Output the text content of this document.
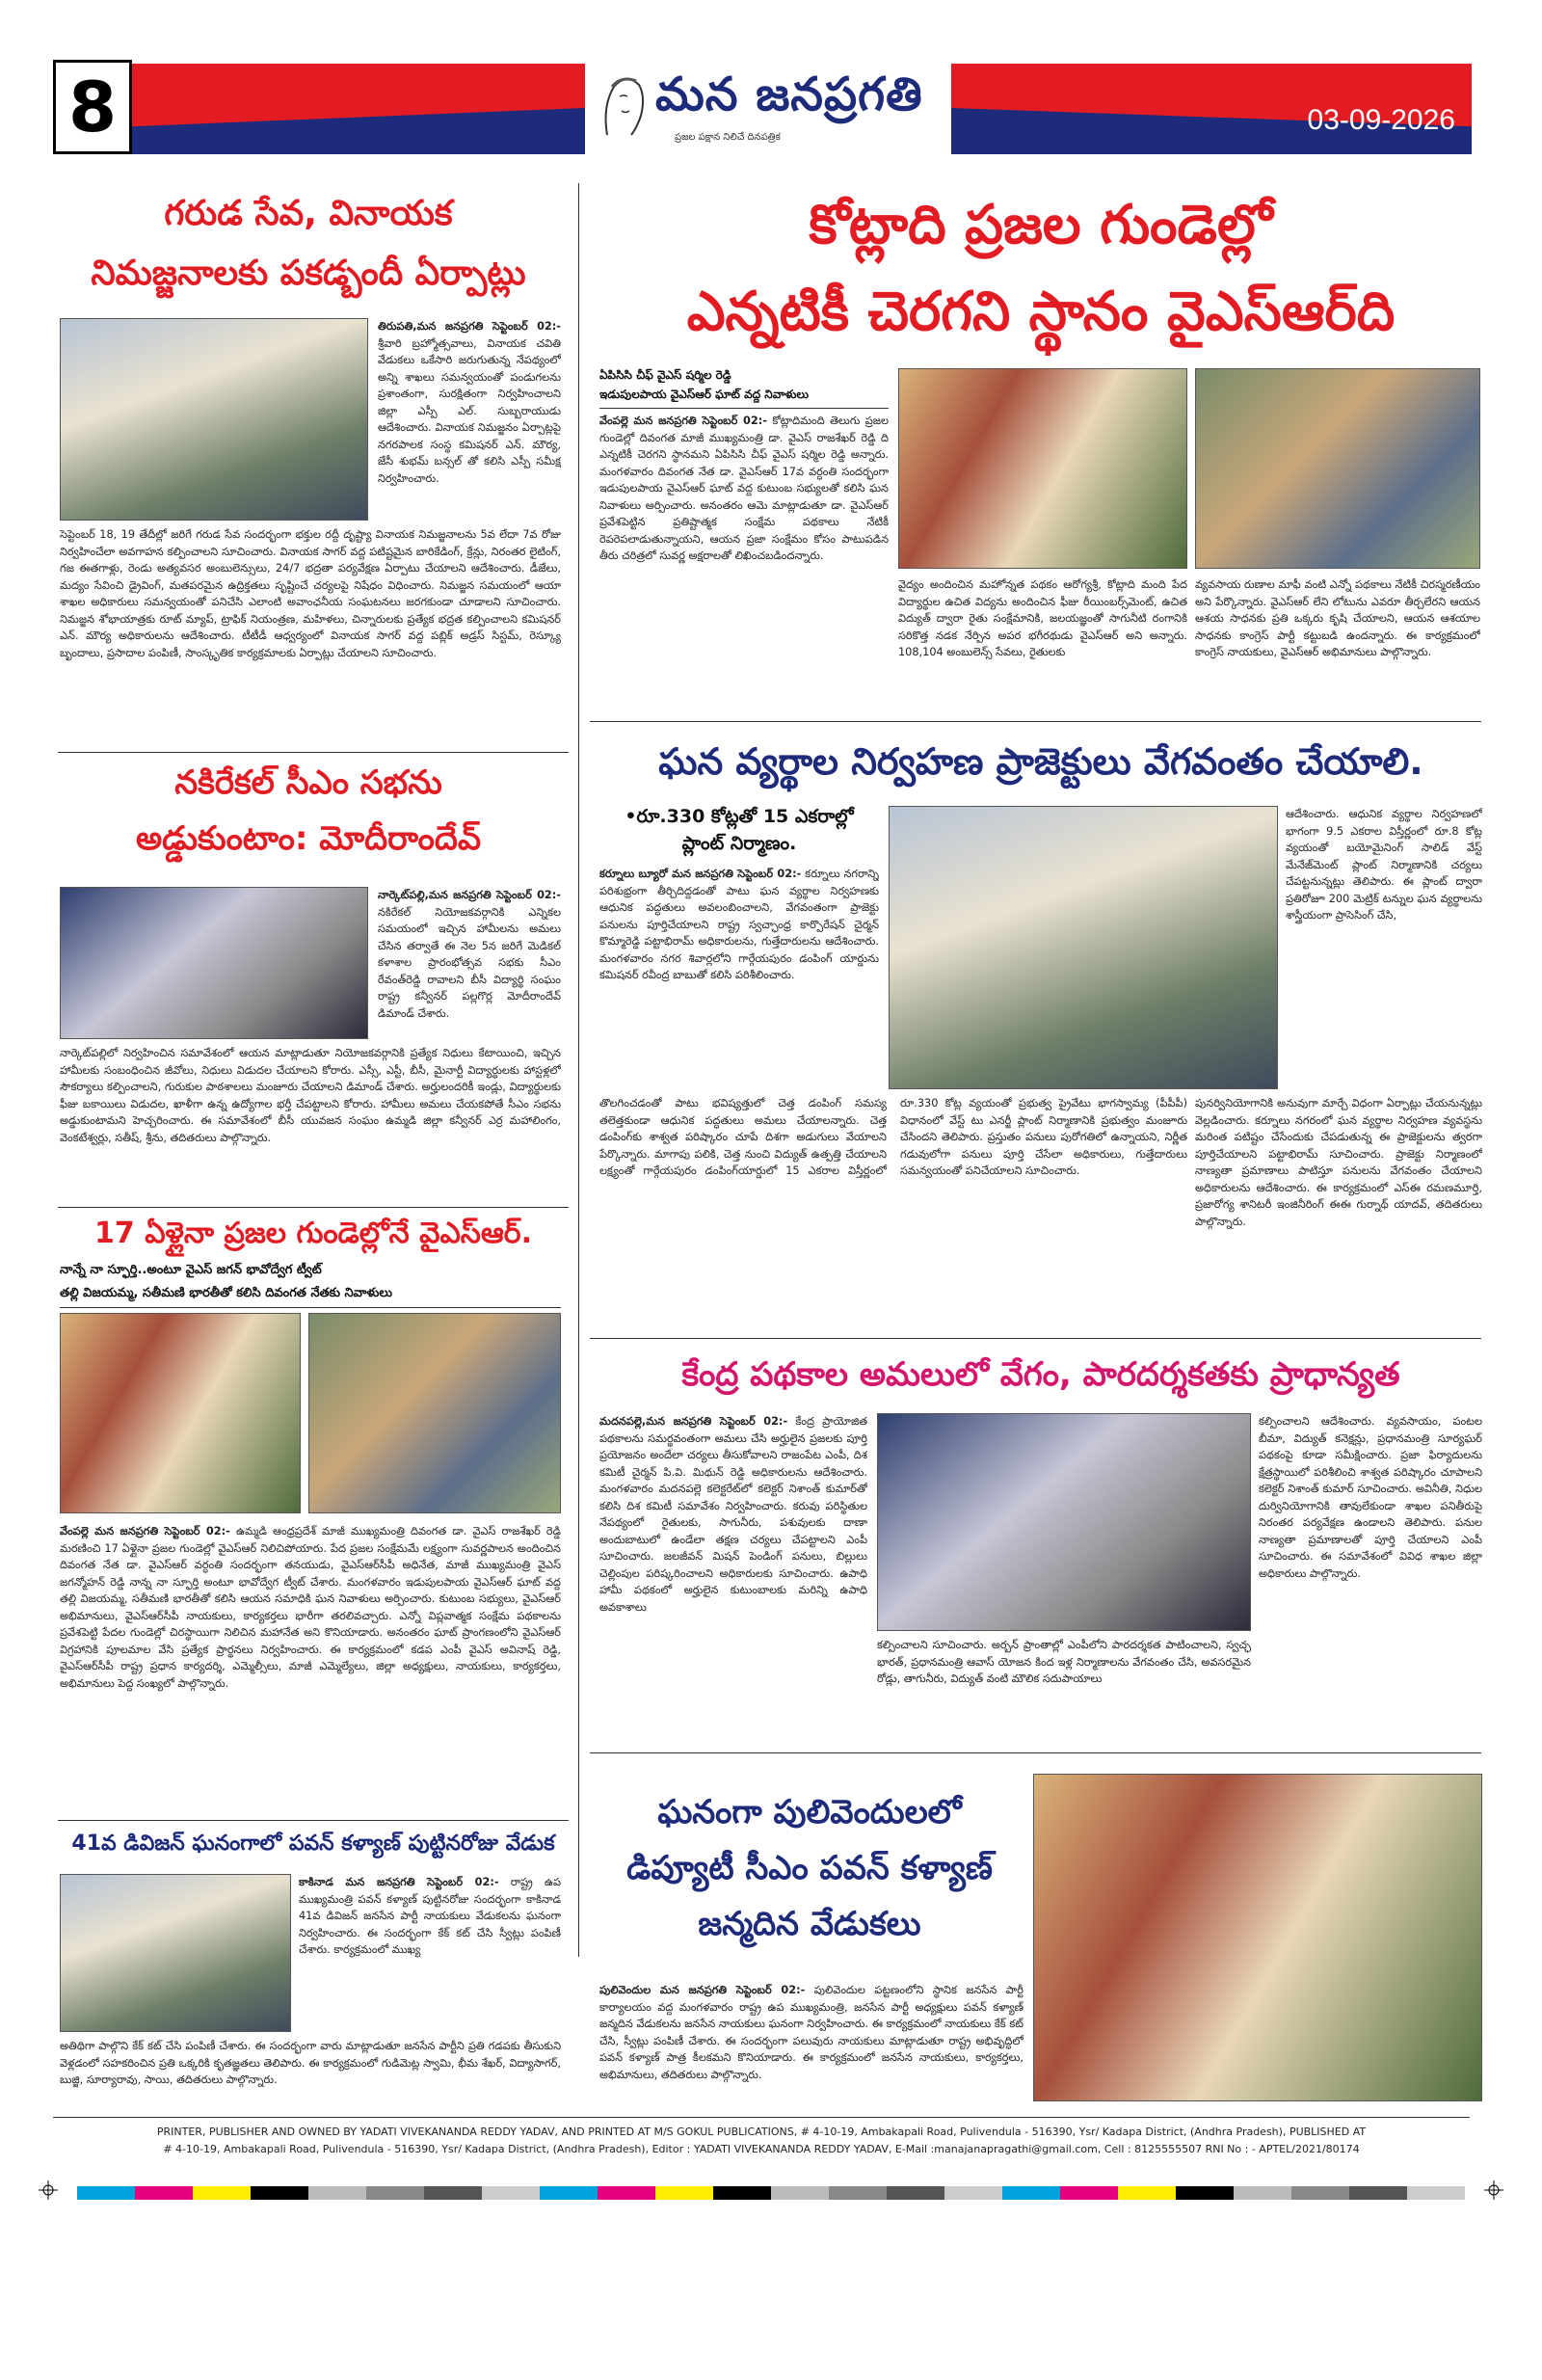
8	మన జనప్రగతి
ప్రజల పక్షాన నిలిచే దినపత్రిక
03-09-2026
గరుడ సేవ, వినాయక
నిమజ్జనాలకు పకడ్బందీ ఏర్పాట్లు
తిరుపతి,మన జనప్రగతి సెప్టెంబర్ 02:- శ్రీవారి బ్రహ్మోత్సవాలు, వినాయక చవితి వేడుకలు ఒకేసారి జరుగుతున్న నేపథ్యంలో అన్ని శాఖలు సమన్వయంతో పండుగలను ప్రశాంతంగా, సురక్షితంగా నిర్వహించాలని జిల్లా ఎస్పీ ఎల్. సుబ్బరాయుడు ఆదేశించారు. వినాయక నిమజ్జనం ఏర్పాట్లపై నగరపాలక సంస్థ కమిషనర్ ఎన్. మౌర్య, జేసీ శుభమ్ బన్సల్ తో కలిసి ఎస్పీ సమీక్ష నిర్వహించారు.
సెప్టెంబర్ 18, 19 తేదీల్లో జరిగే గరుడ సేవ సందర్భంగా భక్తుల రద్దీ దృష్ట్యా వినాయక నిమజ్జనాలను 5వ లేదా 7వ రోజు నిర్వహించేలా అవగాహన కల్పించాలని సూచించారు. వినాయక సాగర్ వద్ద పటిష్టమైన బారికేడింగ్, క్రేన్లు, నిరంతర లైటింగ్, గజ ఈతగాళ్లు, రెండు అత్యవసర అంబులెన్సులు, 24/7 భద్రతా పర్యవేక్షణ ఏర్పాటు చేయాలని ఆదేశించారు. డీజేలు, మద్యం సేవించి డ్రైవింగ్, మతపరమైన ఉద్రిక్తతలు సృష్టించే చర్యలపై నిషేధం విధించారు. నిమజ్జన సమయంలో ఆయా శాఖల అధికారులు సమన్వయంతో పనిచేసి ఎలాంటి అవాంఛనీయ సంఘటనలు జరగకుండా చూడాలని సూచించారు. నిమజ్జన శోభాయాత్రకు రూట్ మ్యాప్, ట్రాఫిక్ నియంత్రణ, మహిళలు, చిన్నారులకు ప్రత్యేక భద్రత కల్పించాలని కమిషనర్ ఎన్. మౌర్య అధికారులను ఆదేశించారు. టీటీడీ ఆధ్వర్యంలో వినాయక సాగర్ వద్ద పబ్లిక్ అడ్రస్ సిస్టమ్, రెస్క్యూ బృందాలు, ప్రసాదాల పంపిణీ, సాంస్కృతిక కార్యక్రమాలకు ఏర్పాట్లు చేయాలని సూచించారు.
కోట్లాది ప్రజల గుండెల్లో
ఎన్నటికీ చెరగని స్థానం వైఎస్ఆర్‌ది
ఏపిసిసి చీఫ్ వైఎస్ షర్మిల రెడ్డి
ఇడుపులపాయ వైఎస్ఆర్ ఘాట్ వద్ద నివాళులు
వేంపల్లె మన జనప్రగతి సెప్టెంబర్ 02:- కోట్లాదిమంది తెలుగు ప్రజల గుండెల్లో దివంగత మాజీ ముఖ్యమంత్రి డా. వైఎస్ రాజశేఖర్ రెడ్డి ది ఎన్నటికీ చెరగని స్థానమని ఏపిసిసి చీఫ్ వైఎస్ షర్మిల రెడ్డి అన్నారు. మంగళవారం దివంగత నేత డా. వైఎస్ఆర్ 17వ వర్ధంతి సందర్భంగా ఇడుపులపాయ వైఎస్ఆర్ ఘాట్ వద్ద కుటుంబ సభ్యులతో కలిసి ఘన నివాళులు అర్పించారు. అనంతరం ఆమె మాట్లాడుతూ డా. వైఎస్ఆర్ ప్రవేశపెట్టిన ప్రతిష్టాత్మక సంక్షేమ పథకాలు నేటికీ రెపరెపలాడుతున్నాయని, ఆయన ప్రజా సంక్షేమం కోసం పాటుపడిన తీరు చరిత్రలో సువర్ణ అక్షరాలతో లిఖించబడిందన్నారు.
వైద్యం అందించిన మహోన్నత పథకం ఆరోగ్యశ్రీ, కోట్లాది మంది పేద విద్యార్థుల ఉచిత విద్యను అందించిన ఫీజు రీయింబర్స్‌మెంట్, ఉచిత విద్యుత్ ద్వారా రైతు సంక్షేమానికి, జలయజ్ఞంతో సాగునీటి రంగానికి సరికొత్త నడక నేర్పిన అపర భగీరథుడు వైఎస్ఆర్ అని అన్నారు. 108,104 అంబులెన్స్ సేవలు, రైతులకు
వ్యవసాయ రుణాల మాఫీ వంటి ఎన్నో పథకాలు నేటికీ చిరస్మరణీయం అని పేర్కొన్నారు. వైఎస్ఆర్ లేని లోటును ఎవరూ తీర్చలేరని ఆయన ఆశయ సాధనకు ప్రతి ఒక్కరు కృషి చేయాలని, ఆయన ఆశయాల సాధనకు కాంగ్రెస్ పార్టీ కట్టుబడి ఉందన్నారు. ఈ కార్యక్రమంలో కాంగ్రెస్ నాయకులు, వైఎస్ఆర్ అభిమానులు పాల్గొన్నారు.
నకిరేకల్ సీఎం సభను
అడ్డుకుంటాం: మోదీరాందేవ్
నార్కెట్‌పల్లి,మన జనప్రగతి సెప్టెంబర్ 02:- నకిరేకల్ నియోజకవర్గానికి ఎన్నికల సమయంలో ఇచ్చిన హామీలను అమలు చేసిన తర్వాతే ఈ నెల 5న జరిగే మెడికల్ కళాశాల ప్రారంభోత్సవ సభకు సీఎం రేవంత్‌రెడ్డి రావాలని బీసీ విద్యార్థి సంఘం రాష్ట్ర కన్వీనర్ పల్లగొర్ల మోదీరాందేవ్ డిమాండ్ చేశారు.
నార్కెట్‌పల్లిలో నిర్వహించిన సమావేశంలో ఆయన మాట్లాడుతూ నియోజకవర్గానికి ప్రత్యేక నిధులు కేటాయించి, ఇచ్చిన హామీలకు సంబంధించిన జీవోలు, నిధులు విడుదల చేయాలని కోరారు. ఎస్సీ, ఎస్టీ, బీసీ, మైనార్టీ విద్యార్థులకు హాస్టళ్లలో సౌకర్యాలు కల్పించాలని, గురుకుల పాఠశాలలు మంజూరు చేయాలని డిమాండ్ చేశారు. అర్హులందరికీ ఇండ్లు, విద్యార్థులకు ఫీజు బకాయిలు విడుదల, ఖాళీగా ఉన్న ఉద్యోగాల భర్తీ చేపట్టాలని కోరారు. హామీలు అమలు చేయకపోతే సీఎం సభను అడ్డుకుంటామని హెచ్చరించారు. ఈ సమావేశంలో బీసీ యువజన సంఘం ఉమ్మడి జిల్లా కన్వీనర్ ఎర్ర మహాలింగం, వెంకటేశ్వర్లు, సతీష్, శ్రీను, తదితరులు పాల్గొన్నారు.
17 ఏళ్లైనా ప్రజల గుండెల్లోనే వైఎస్ఆర్.
నాన్నే నా స్ఫూర్తి..అంటూ వైఎస్ జగన్ భావోద్వేగ ట్వీట్
తల్లి విజయమ్మ, సతీమణి భారతీతో కలిసి దివంగత నేతకు నివాళులు
వేంపల్లె మన జనప్రగతి సెప్టెంబర్ 02:- ఉమ్మడి ఆంధ్రప్రదేశ్ మాజీ ముఖ్యమంత్రి దివంగత డా. వైఎస్ రాజశేఖర్ రెడ్డి మరణించి 17 ఏళ్లైనా ప్రజల గుండెల్లో వైఎస్ఆర్ నిలిచిపోయారు. పేద ప్రజల సంక్షేమమే లక్ష్యంగా సువర్ణపాలన అందించిన దివంగత నేత డా. వైఎస్ఆర్ వర్ధంతి సందర్భంగా తనయుడు, వైఎస్ఆర్‌సీపీ అధినేత, మాజీ ముఖ్యమంత్రి వైఎస్ జగన్మోహన్ రెడ్డి నాన్న నా స్ఫూర్తి అంటూ భావోద్వేగ ట్వీట్ చేశారు. మంగళవారం ఇడుపులపాయ వైఎస్ఆర్ ఘాట్ వద్ద తల్లి విజయమ్మ, సతీమణి భారతీతో కలిసి ఆయన సమాధికి ఘన నివాళులు అర్పించారు. కుటుంబ సభ్యులు, వైఎస్ఆర్ అభిమానులు, వైఎస్ఆర్‌సీపీ నాయకులు, కార్యకర్తలు భారీగా తరలివచ్చారు. ఎన్నో విప్లవాత్మక సంక్షేమ పథకాలను ప్రవేశపెట్టి పేదల గుండెల్లో చిరస్థాయిగా నిలిచిన మహానేత అని కొనియాడారు. అనంతరం ఘాట్ ప్రాంగణంలోని వైఎస్ఆర్ విగ్రహానికి పూలమాల వేసి ప్రత్యేక ప్రార్థనలు నిర్వహించారు. ఈ కార్యక్రమంలో కడప ఎంపీ వైఎస్ అవినాష్ రెడ్డి, వైఎస్ఆర్‌సీపీ రాష్ట్ర ప్రధాన కార్యదర్శి, ఎమ్మెల్సీలు, మాజీ ఎమ్మెల్యేలు, జిల్లా అధ్యక్షులు, నాయకులు, కార్యకర్తలు, అభిమానులు పెద్ద సంఖ్యలో పాల్గొన్నారు.
41వ డివిజన్ ఘనంగాలో పవన్ కళ్యాణ్ పుట్టినరోజు వేడుక
కాకినాడ మన జనప్రగతి సెప్టెంబర్ 02:- రాష్ట్ర ఉప ముఖ్యమంత్రి పవన్ కళ్యాణ్ పుట్టినరోజు సందర్భంగా కాకినాడ 41వ డివిజన్ జనసేన పార్టీ నాయకులు వేడుకలను ఘనంగా నిర్వహించారు. ఈ సందర్భంగా కేక్ కట్ చేసి స్వీట్లు పంపిణీ చేశారు. కార్యక్రమంలో ముఖ్య
అతిథిగా పాల్గొని కేక్ కట్ చేసి పంపిణీ చేశారు. ఈ సందర్భంగా వారు మాట్లాడుతూ జనసేన పార్టీని ప్రతి గడపకు తీసుకుని వెళ్లడంలో సహకరించిన ప్రతి ఒక్కరికి కృతజ్ఞతలు తెలిపారు. ఈ కార్యక్రమంలో గుడిమెట్ల స్వామి, భీమ శేఖర్, విద్యాసాగర్, బుజ్జి, సూర్యారావు, సాయి, తదితరులు పాల్గొన్నారు.
ఘన వ్యర్థాల నిర్వహణ ప్రాజెక్టులు వేగవంతం చేయాలి.
•రూ.330 కోట్లతో 15 ఎకరాల్లో
ప్లాంట్ నిర్మాణం.
కర్నూలు బ్యూరో మన జనప్రగతి సెప్టెంబర్ 02:- కర్నూలు నగరాన్ని పరిశుభ్రంగా తీర్చిదిద్దడంతో పాటు ఘన వ్యర్థాల నిర్వహణకు ఆధునిక పద్ధతులు అవలంబించాలని, వేగవంతంగా ప్రాజెక్టు పనులను పూర్తిచేయాలని రాష్ట్ర స్వచ్ఛాంధ్ర కార్పొరేషన్ చైర్మన్ కొమ్మారెడ్డి పట్టాభిరామ్ అధికారులను, గుత్తేదారులను ఆదేశించారు. మంగళవారం నగర శివార్లలోని గార్గేయపురం డంపింగ్ యార్డును కమిషనర్ రవీంద్ర బాబుతో కలిసి పరిశీలించారు.
ఆదేశించారు. ఆధునిక వ్యర్థాల నిర్వహణలో భాగంగా 9.5 ఎకరాల విస్తీర్ణంలో రూ.8 కోట్ల వ్యయంతో బయోమైనింగ్ సాలిడ్ వేస్ట్ మేనేజ్‌మెంట్ ప్లాంట్ నిర్మాణానికి చర్యలు చేపట్టనున్నట్లు తెలిపారు. ఈ ప్లాంట్ ద్వారా ప్రతిరోజూ 200 మెట్రిక్ టన్నుల ఘన వ్యర్థాలను శాస్త్రీయంగా ప్రాసెసింగ్ చేసి,
తొలగించడంతో పాటు భవిష్యత్తులో చెత్త డంపింగ్ సమస్య తలెత్తకుండా ఆధునిక పద్ధతులు అమలు చేయాలన్నారు. చెత్త డంపింగ్‌కు శాశ్వత పరిష్కారం చూపే దిశగా అడుగులు వేయాలని పేర్కొన్నారు. మాగాపు పలికి, చెత్త నుంచి విద్యుత్ ఉత్పత్తి చేయాలని లక్ష్యంతో గార్గేయపురం డంపింగ్‌యార్డులో 15 ఎకరాల విస్తీర్ణంలో రూ.330 కోట్ల వ్యయంతో ప్రభుత్వ ప్రైవేటు భాగస్వామ్య (పీపీపీ) విధానంలో వేస్ట్ టు ఎనర్జీ ప్లాంట్ నిర్మాణానికి ప్రభుత్వం మంజూరు చేసిందని తెలిపారు. ప్రస్తుతం పనులు పురోగతిలో ఉన్నాయని, నిర్ణీత గడువులోగా పనులు పూర్తి చేసేలా అధికారులు, గుత్తేదారులు సమన్వయంతో పనిచేయాలని సూచించారు.
పునర్వినియోగానికి అనువుగా మార్చే విధంగా ఏర్పాట్లు చేయనున్నట్లు వెల్లడించారు. కర్నూలు నగరంలో ఘన వ్యర్థాల నిర్వహణ వ్యవస్థను మరింత పటిష్టం చేసేందుకు చేపడుతున్న ఈ ప్రాజెక్టులను త్వరగా పూర్తిచేయాలని పట్టాభిరామ్ సూచించారు. ప్రాజెక్టు నిర్మాణంలో నాణ్యతా ప్రమాణాలు పాటిస్తూ పనులను వేగవంతం చేయాలని అధికారులను ఆదేశించారు. ఈ కార్యక్రమంలో ఎస్ఈ రమణమూర్తి, ప్రజారోగ్య శానిటరీ ఇంజినీరింగ్ ఈఈ గుర్నాథ్ యాదవ్, తదితరులు పాల్గొన్నారు.
కేంద్ర పథకాల అమలులో వేగం, పారదర్శకతకు ప్రాధాన్యత
మదనపల్లె,మన జనప్రగతి సెప్టెంబర్ 02:- కేంద్ర ప్రాయోజిత పథకాలను సమర్థవంతంగా అమలు చేసి అర్హులైన ప్రజలకు పూర్తి ప్రయోజనం అందేలా చర్యలు తీసుకోవాలని రాజంపేట ఎంపీ, దిశ కమిటీ చైర్మన్ పి.వి. మిథున్ రెడ్డి అధికారులను ఆదేశించారు. మంగళవారం మదనపల్లె కలెక్టరేట్‌లో కలెక్టర్ నిశాంత్ కుమార్‌తో కలిసి దిశ కమిటీ సమావేశం నిర్వహించారు. కరువు పరిస్థితుల నేపథ్యంలో రైతులకు, సాగునీరు, పశువులకు దాణా అందుబాటులో ఉండేలా తక్షణ చర్యలు చేపట్టాలని ఎంపీ సూచించారు. జలజీవన్ మిషన్ పెండింగ్ పనులు, బిల్లులు చెల్లింపుల పరిష్కరించాలని అధికారులకు సూచించారు. ఉపాధి హామీ పథకంలో అర్హులైన కుటుంబాలకు మరిన్ని ఉపాధి అవకాశాలు
కల్పించాలని సూచించారు. అర్బన్ ప్రాంతాల్లో ఎంపీలోని పారదర్శకత పాటించాలని, స్వచ్ఛ భారత్, ప్రధానమంత్రి ఆవాస్ యోజన కింద ఇళ్ల నిర్మాణాలను వేగవంతం చేసి, అవసరమైన రోడ్లు, తాగునీరు, విద్యుత్ వంటి మౌలిక సదుపాయాలు
కల్పించాలని ఆదేశించారు. వ్యవసాయం, పంటల బీమా, విద్యుత్ కనెక్షన్లు, ప్రధానమంత్రి సూర్యఘర్ పథకంపై కూడా సమీక్షించారు. ప్రజా ఫిర్యాదులను క్షేత్రస్థాయిలో పరిశీలించి శాశ్వత పరిష్కారం చూపాలని కలెక్టర్ నిశాంత్ కుమార్ సూచించారు. అవినీతి, నిధుల దుర్వినియోగానికి తావులేకుండా శాఖల పనితీరుపై నిరంతర పర్యవేక్షణ ఉండాలని తెలిపారు. పనుల నాణ్యతా ప్రమాణాలతో పూర్తి చేయాలని ఎంపీ సూచించారు. ఈ సమావేశంలో వివిధ శాఖల జిల్లా అధికారులు పాల్గొన్నారు.
ఘనంగా పులివెందులలో
డిప్యూటీ సీఎం పవన్ కళ్యాణ్
జన్మదిన వేడుకలు
పులివెందుల మన జనప్రగతి సెప్టెంబర్ 02:- పులివెందుల పట్టణంలోని స్థానిక జనసేన పార్టీ కార్యాలయం వద్ద మంగళవారం రాష్ట్ర ఉప ముఖ్యమంత్రి, జనసేన పార్టీ అధ్యక్షులు పవన్ కళ్యాణ్ జన్మదిన వేడుకలను జనసేన నాయకులు ఘనంగా నిర్వహించారు. ఈ కార్యక్రమంలో నాయకులు కేక్ కట్ చేసి, స్వీట్లు పంపిణీ చేశారు. ఈ సందర్భంగా పలువురు నాయకులు మాట్లాడుతూ రాష్ట్ర అభివృద్ధిలో పవన్ కళ్యాణ్ పాత్ర కీలకమని కొనియాడారు. ఈ కార్యక్రమంలో జనసేన నాయకులు, కార్యకర్తలు, అభిమానులు, తదితరులు పాల్గొన్నారు.
PRINTER, PUBLISHER AND OWNED BY YADATI VIVEKANANDA REDDY YADAV, AND PRINTED AT M/S GOKUL PUBLICATIONS, # 4-10-19, Ambakapali Road, Pulivendula - 516390, Ysr/ Kadapa District, (Andhra Pradesh), PUBLISHED AT
# 4-10-19, Ambakapali Road, Pulivendula - 516390, Ysr/ Kadapa District, (Andhra Pradesh), Editor : YADATI VIVEKANANDA REDDY YADAV, E-Mail :manajanapragathi@gmail.com, Cell : 8125555507 RNI No : - APTEL/2021/80174
